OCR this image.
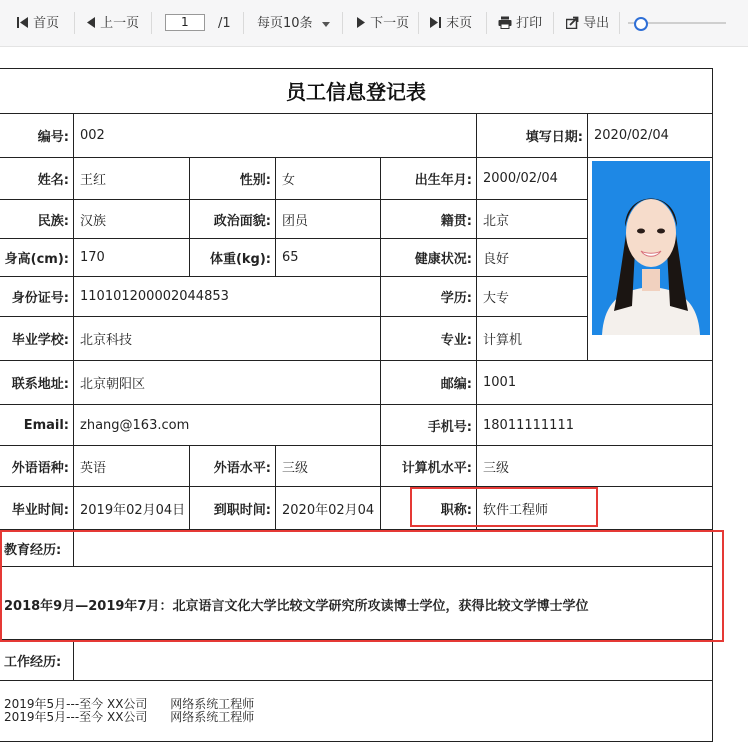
首页	上一页	1 /1 每页10条	下一页	末页	打印	导出
员工信息登记表
编号: 002	填写日期: 2020/02/04
姓名: 王红	性别: 女	出生年月: 2000/02/04
民族: 汉族	政治面貌: 团员	籍贯: 北京
身高(cm): 170	体重(kg): 65	健康状况: 良好
身份证号: 110101200002044853	学历: 大专
毕业学校: 北京科技	专业: 计算机
联系地址: 北京朝阳区	邮编: 1001
Email: zhang@163.com	手机号: 18011111111
外语语种: 英语	外语水平: 三级	计算机水平: 三级
毕业时间: 2019年02月04日	到职时间: 2020年02月04	职称: 软件工程师
教育经历:
2018年9月—2019年7月：北京语言文化大学比较文学研究所攻读博士学位，获得比较文学博士学位
工作经历:
2019年5月---至今 XX公司      网络系统工程师
2019年5月---至今 XX公司      网络系统工程师
